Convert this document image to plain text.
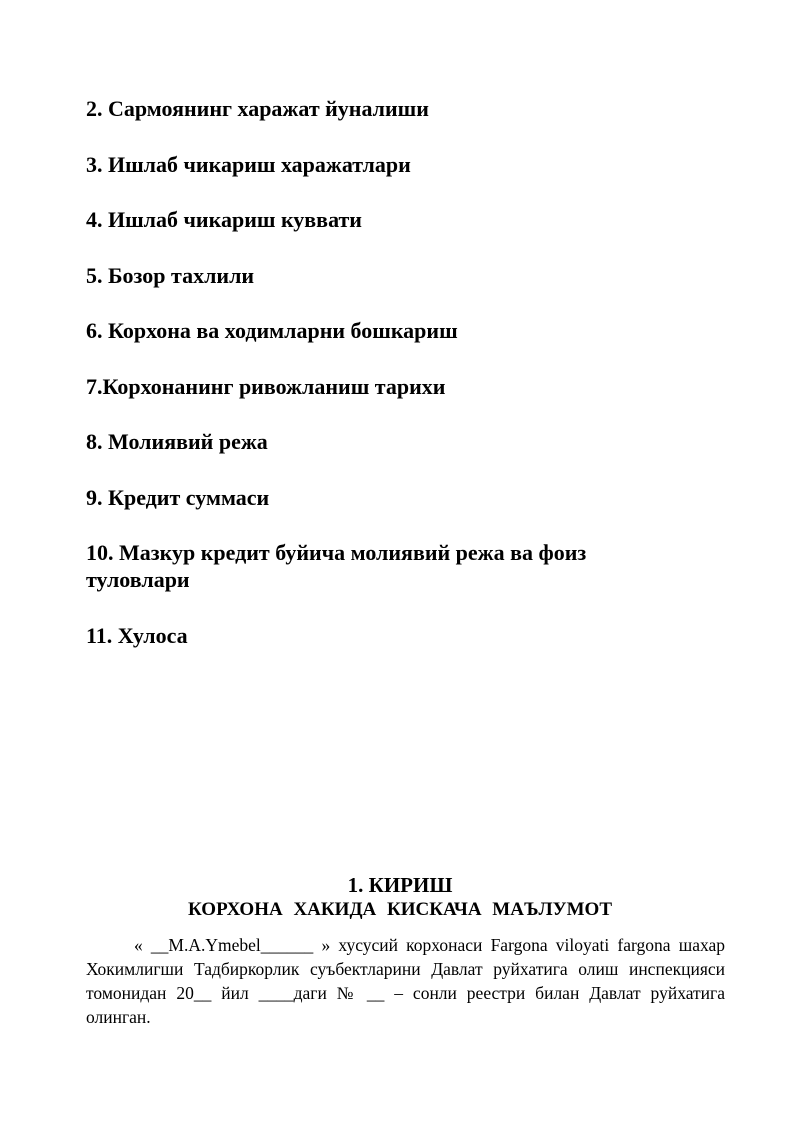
2. Сармоянинг харажат йуналиши
3. Ишлаб чикариш харажатлари
4. Ишлаб чикариш куввати
5. Бозор тахлили
6. Корхона ва ходимларни бошкариш
7.Корхонанинг ривожланиш тарихи
8. Молиявий режа
9. Кредит суммаси
10. Мазкур кредит буйича молиявий режа ва фоиз туловлари
11. Хулоса
1. КИРИШ
КОРХОНА ХАКИДА КИСКАЧА МАЪЛУМОТ
« __M.A.Ymebel______ » хусусий корхонаси Fargona viloyati fargona шахар Хокимлигши Тадбиркорлик суъбектларини Давлат руйхатига олиш инспекцияси томонидан 20__ йил ____даги № __ – сонли реестри билан Давлат руйхатига олинган.
